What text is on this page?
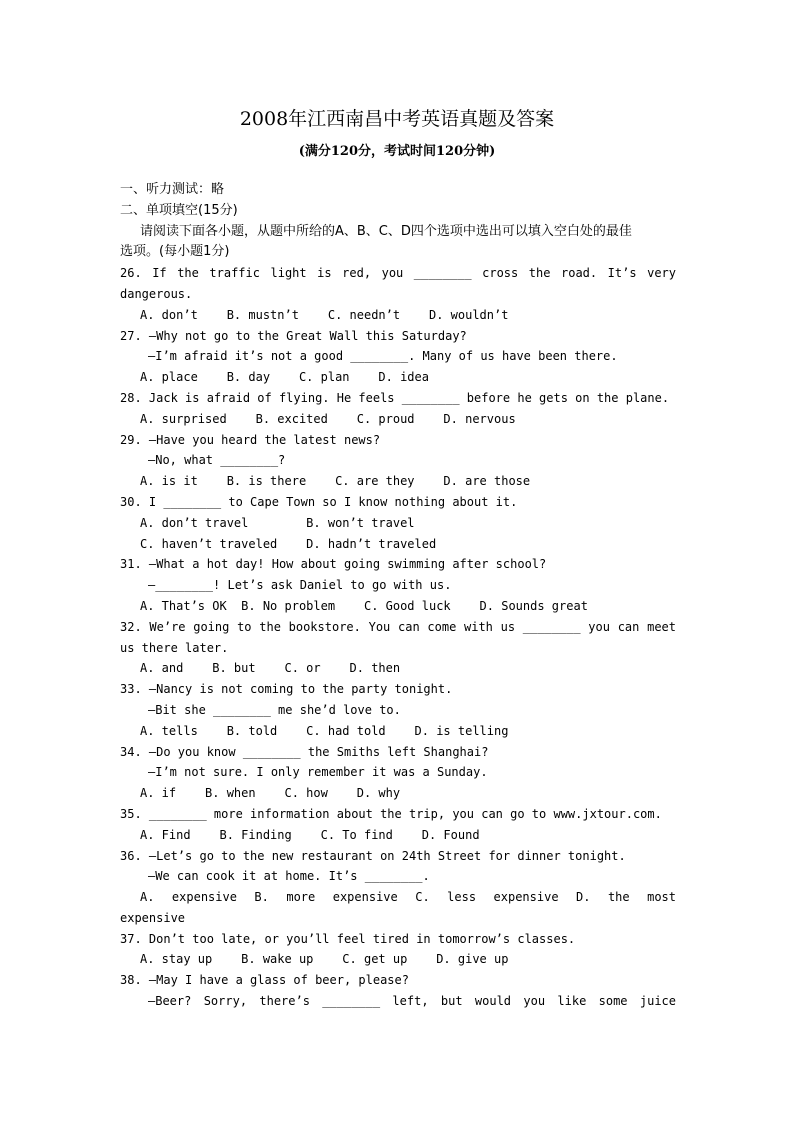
2008年江西南昌中考英语真题及答案
(满分120分，考试时间120分钟)
一、听力测试：略
二、单项填空(15分)
请阅读下面各小题，从题中所给的A、B、C、D四个选项中选出可以填入空白处的最佳
选项。(每小题1分)
26. If the traffic light is red, you ________ cross the road. It’s very
dangerous.
A. don’t    B. mustn’t    C. needn’t    D. wouldn’t
27. —Why not go to the Great Wall this Saturday?
—I’m afraid it’s not a good ________. Many of us have been there.
A. place    B. day    C. plan    D. idea
28. Jack is afraid of flying. He feels ________ before he gets on the plane.
A. surprised    B. excited    C. proud    D. nervous
29. —Have you heard the latest news?
—No, what ________?
A. is it    B. is there    C. are they    D. are those
30. I ________ to Cape Town so I know nothing about it.
A. don’t travel        B. won’t travel
C. haven’t traveled    D. hadn’t traveled
31. —What a hot day! How about going swimming after school?
—________! Let’s ask Daniel to go with us.
A. That’s OK  B. No problem    C. Good luck    D. Sounds great
32. We’re going to the bookstore. You can come with us ________ you can meet
us there later.
A. and    B. but    C. or    D. then
33. —Nancy is not coming to the party tonight.
—Bit she ________ me she’d love to.
A. tells    B. told    C. had told    D. is telling
34. —Do you know ________ the Smiths left Shanghai?
—I’m not sure. I only remember it was a Sunday.
A. if    B. when    C. how    D. why
35. ________ more information about the trip, you can go to www.jxtour.com.
A. Find    B. Finding    C. To find    D. Found
36. —Let’s go to the new restaurant on 24th Street for dinner tonight.
—We can cook it at home. It’s ________.
A. expensive B. more expensive C. less expensive D. the most
expensive
37. Don’t too late, or you’ll feel tired in tomorrow’s classes.
A. stay up    B. wake up    C. get up    D. give up
38. —May I have a glass of beer, please?
—Beer? Sorry, there’s ________ left, but would you like some juice
